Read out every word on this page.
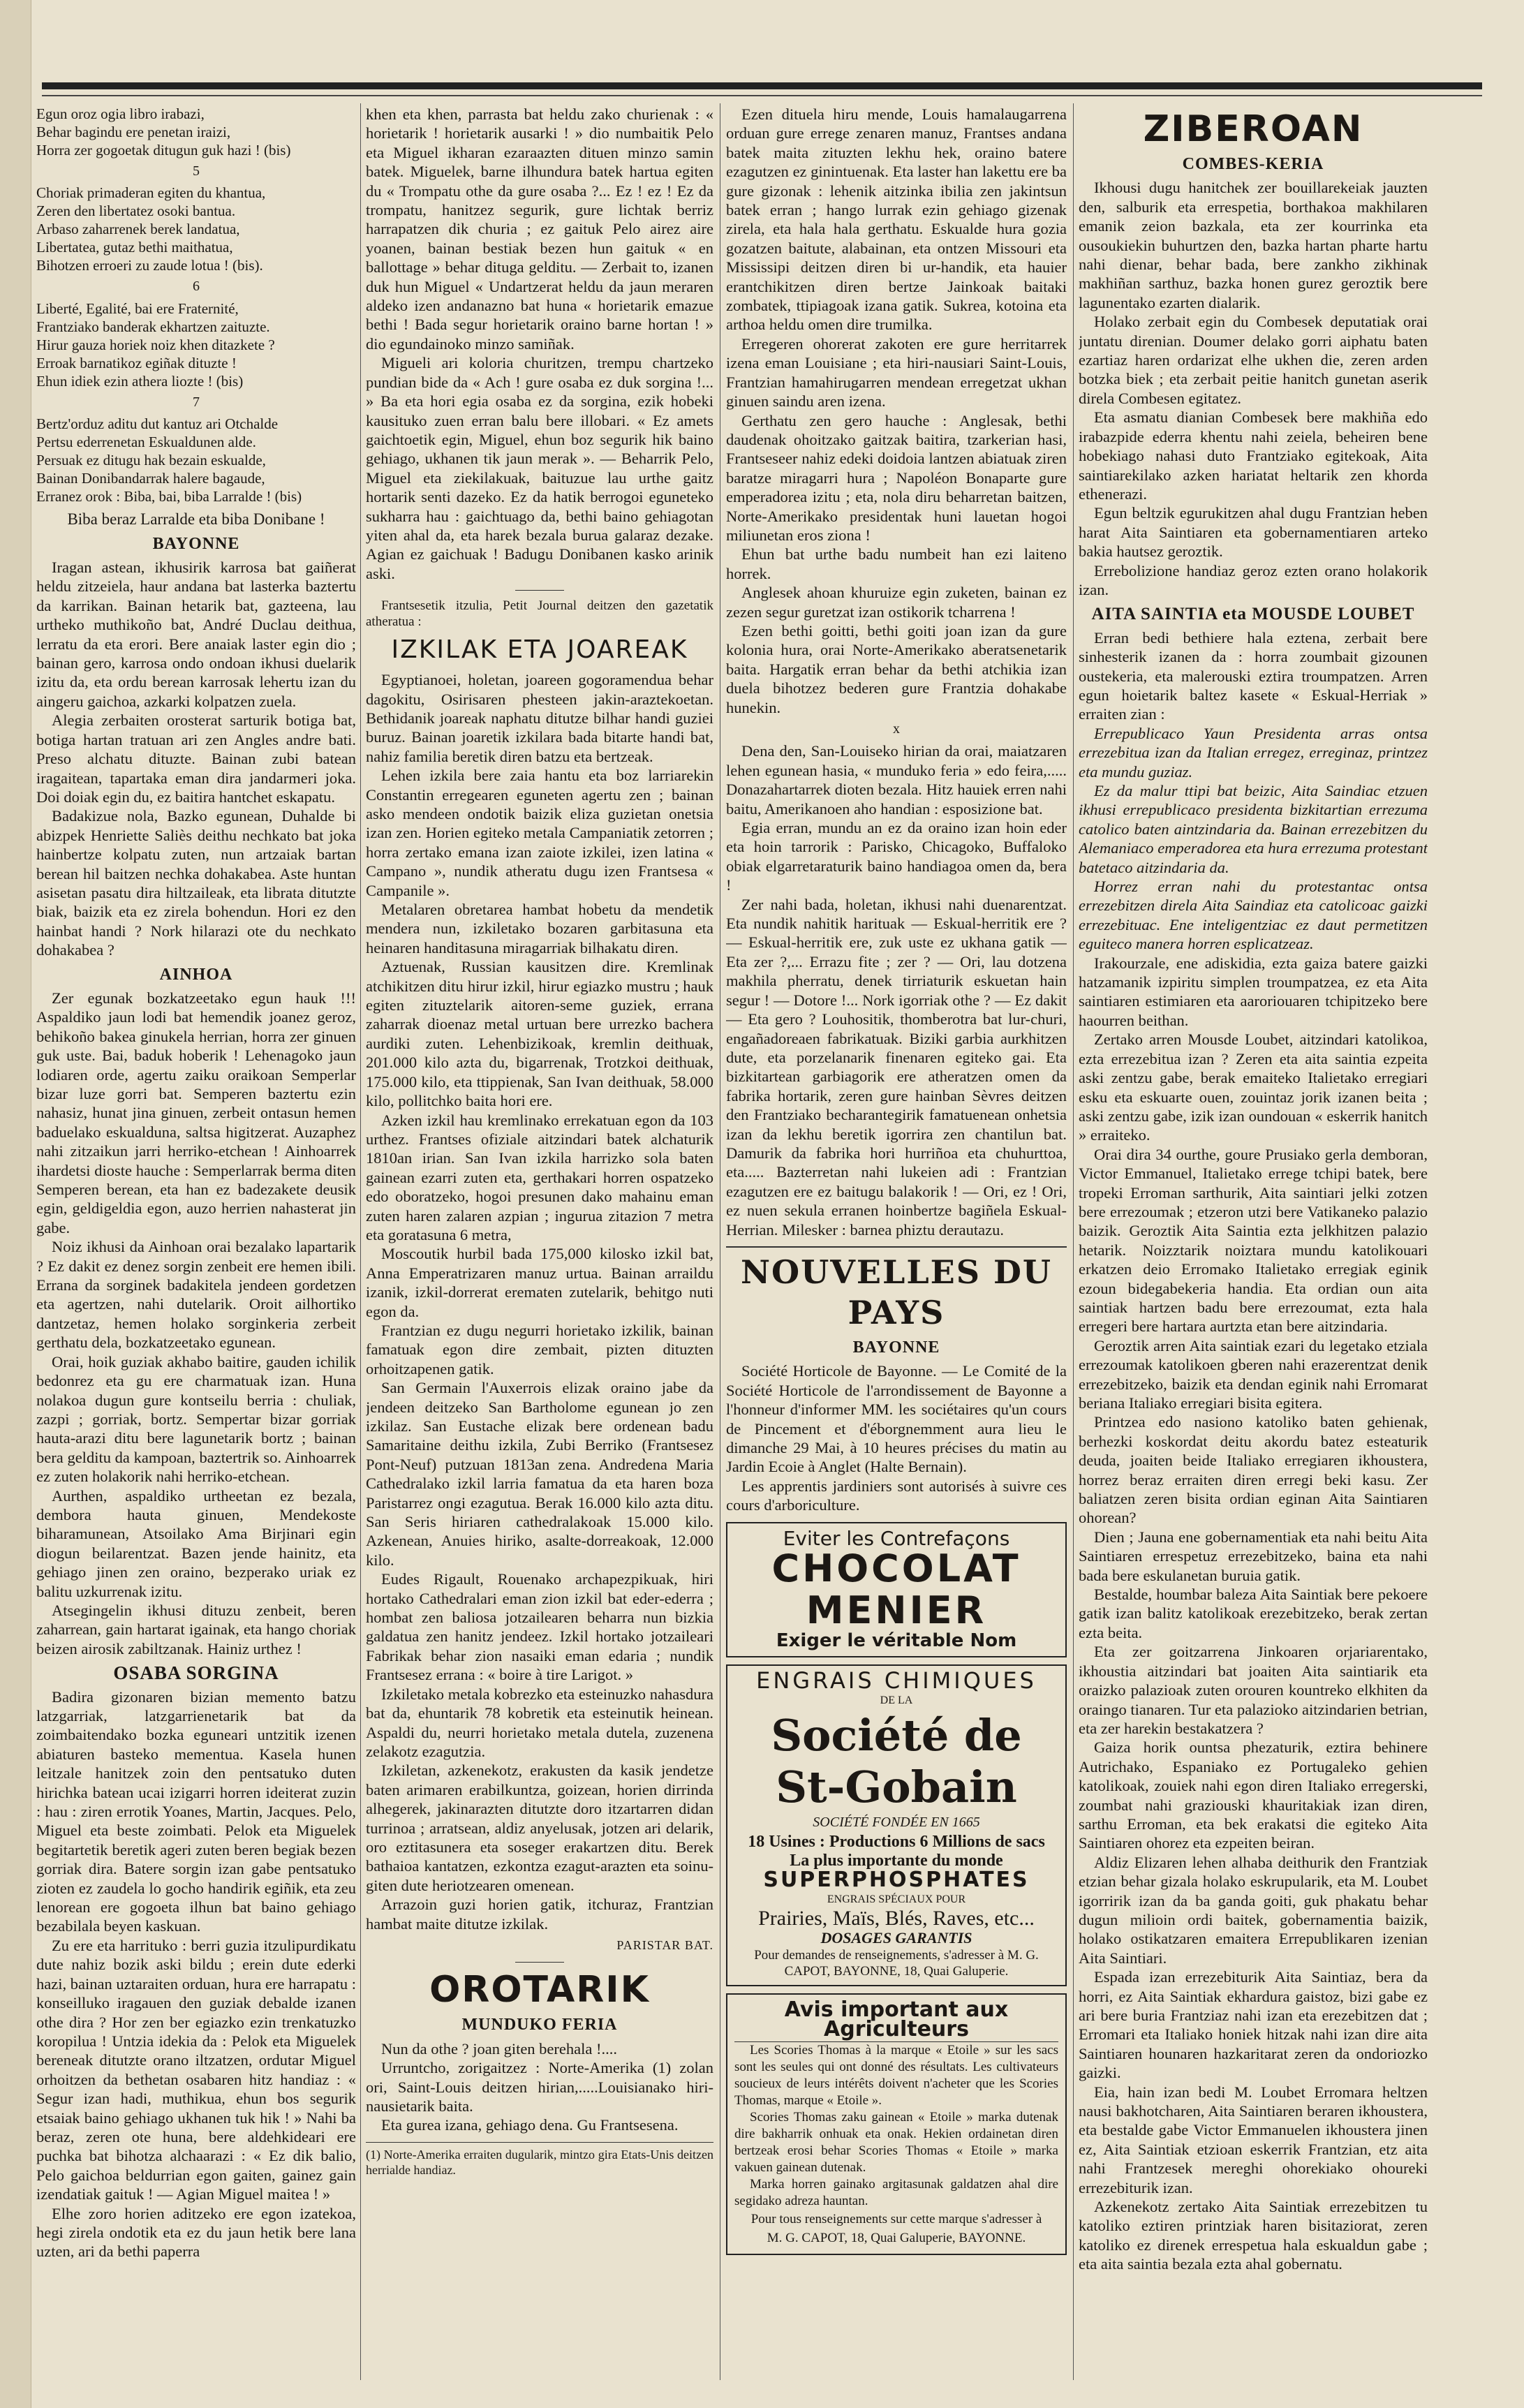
Egun oroz ogia libro irabazi,

Behar bagindu ere penetan iraizi,

Horra zer gogoetak ditugun guk hazi ! (bis)

5

Choriak primaderan egiten du khantua,

Zeren den libertatez osoki bantua.

Arbaso zaharrenek berek landatua,

Libertatea, gutaz bethi maithatua,

Bihotzen erroeri zu zaude lotua ! (bis).

6

Liberté, Egalité, bai ere Fraternité,

Frantziako banderak ekhartzen zaituzte.

Hirur gauza horiek noiz khen ditazkete ?

Erroak barnatikoz egiñak dituzte !

Ehun idiek ezin athera liozte ! (bis)

7

Bertz'orduz aditu dut kantuz ari Otchalde

Pertsu ederrenetan Eskualdunen alde.

Persuak ez ditugu hak bezain eskualde,

Bainan Donibandarrak halere bagaude,

Erranez orok : Biba, bai, biba Larralde ! (bis)

Biba beraz Larralde eta biba Donibane !

BAYONNE

Iragan astean, ikhusirik karrosa bat gaiñerat heldu zitzeiela, haur andana bat lasterka baztertu da karrikan. Bainan hetarik bat, gazteena, lau urtheko muthikoño bat, André Duclau deithua, lerratu da eta erori. Bere anaiak laster egin dio ; bainan gero, karrosa ondo ondoan ikhusi duelarik izitu da, eta ordu berean karrosak lehertu izan du aingeru gaichoa, azkarki kolpatzen zuela.

Alegia zerbaiten orosterat sarturik botiga bat, botiga hartan tratuan ari zen Angles andre bati. Preso alchatu dituzte. Bainan zubi batean iragaitean, tapartaka eman dira jandarmeri joka. Doi doiak egin du, ez baitira hantchet eskapatu.

Badakizue nola, Bazko egunean, Duhalde bi abizpek Henriette Saliès deithu nechkato bat joka hainbertze kolpatu zuten, nun artzaiak bartan berean hil baitzen nechka dohakabea. Aste huntan asisetan pasatu dira hiltzaileak, eta librata ditutzte biak, baizik eta ez zirela bohendun. Hori ez den hainbat handi ? Nork hilarazi ote du nechkato dohakabea ?

AINHOA

Zer egunak bozkatzeetako egun hauk !!! Aspaldiko jaun lodi bat hemendik joanez geroz, behikoño bakea ginukela herrian, horra zer ginuen guk uste. Bai, baduk hoberik ! Lehenagoko jaun lodiaren orde, agertu zaiku oraikoan Semperlar bizar luze gorri bat. Semperen baztertu ezin nahasiz, hunat jina ginuen, zerbeit ontasun hemen baduelako eskualduna, saltsa higitzerat. Auzaphez nahi zitzaikun jarri herriko-etchean ! Ainhoarrek ihardetsi dioste hauche : Semperlarrak berma diten Semperen berean, eta han ez badezakete deusik egin, geldigeldia egon, auzo herrien nahasterat jin gabe.

Noiz ikhusi da Ainhoan orai bezalako lapartarik ? Ez dakit ez denez sorgin zenbeit ere hemen ibili. Errana da sorginek badakitela jendeen gordetzen eta agertzen, nahi dutelarik. Oroit ailhortiko dantzetaz, hemen holako sorginkeria zerbeit gerthatu dela, bozkatzeetako egunean.

Orai, hoik guziak akhabo baitire, gauden ichilik bedonrez eta gu ere charmatuak izan. Huna nolakoa dugun gure kontseilu berria : chuliak, zazpi ; gorriak, bortz. Sempertar bizar gorriak hauta-arazi ditu bere lagunetarik bortz ; bainan bera gelditu da kampoan, baztertrik so. Ainhoarrek ez zuten holakorik nahi herriko-etchean.

Aurthen, aspaldiko urtheetan ez bezala, dembora hauta ginuen, Mendekoste biharamunean, Atsoilako Ama Birjinari egin diogun beilarentzat. Bazen jende hainitz, eta gehiago jinen zen oraino, bezperako uriak ez balitu uzkurrenak izitu.

Atsegingelin ikhusi dituzu zenbeit, beren zaharrean, gain hartarat igainak, eta hango choriak beizen airosik zabiltzanak. Hainiz urthez !

OSABA SORGINA

Badira gizonaren bizian memento batzu latzgarriak, latzgarrienetarik bat da zoimbaitendako bozka eguneari untzitik izenen abiaturen basteko mementua. Kasela hunen leitzale hanitzek zoin den pentsatuko duten hirichka batean ucai izigarri horren ideiterat zuzin : hau : ziren errotik Yoanes, Martin, Jacques. Pelo, Miguel eta beste zoimbati. Pelok eta Miguelek begitartetik beretik ageri zuten beren begiak bezen gorriak dira. Batere sorgin izan gabe pentsatuko zioten ez zaudela lo gocho handirik egiñik, eta zeu lenorean ere gogoeta ilhun bat baino gehiago bezabilala beyen kaskuan.

Zu ere eta harrituko : berri guzia itzulipurdikatu dute nahiz bozik aski bildu ; erein dute ederki hazi, bainan uztaraiten orduan, hura ere harrapatu : konseilluko iragauen den guziak debalde izanen othe dira ? Hor zen ber egiazko ezin trenkatuzko koropilua ! Untzia idekia da : Pelok eta Miguelek bereneak ditutzte orano iltzatzen, ordutar Miguel orhoitzen da bethetan osabaren hitz handiaz : « Segur izan hadi, muthikua, ehun bos segurik etsaiak baino gehiago ukhanen tuk hik ! » Nahi ba beraz, zeren ote huna, bere aldehkideari ere puchka bat bihotza alchaarazi : « Ez dik balio, Pelo gaichoa beldurrian egon gaiten, gainez gain izendatiak gaituk ! — Agian Miguel maitea ! »

Elhe zoro horien aditzeko ere egon izatekoa, hegi zirela ondotik eta ez du jaun hetik bere lana uzten, ari da bethi paperra

khen eta khen, parrasta bat heldu zako churienak : « horietarik ! horietarik ausarki ! » dio numbaitik Pelo eta Miguel ikharan ezaraazten dituen minzo samin batek. Miguelek, barne ilhundura batek hartua egiten du « Trompatu othe da gure osaba ?... Ez ! ez ! Ez da trompatu, hanitzez segurik, gure lichtak berriz harrapatzen dik churia ; ez gaituk Pelo airez aire yoanen, bainan bestiak bezen hun gaituk « en ballottage » behar dituga gelditu. — Zerbait to, izanen duk hun Miguel « Undartzerat heldu da jaun meraren aldeko izen andanazno bat huna « horietarik emazue bethi ! Bada segur horietarik oraino barne hortan ! » dio egundainoko minzo samiñak.

Migueli ari koloria churitzen, trempu chartzeko pundian bide da « Ach ! gure osaba ez duk sorgina !... » Ba eta hori egia osaba ez da sorgina, ezik hobeki kausituko zuen erran balu bere illobari. « Ez amets gaichtoetik egin, Miguel, ehun boz segurik hik baino gehiago, ukhanen tik jaun merak ». — Beharrik Pelo, Miguel eta ziekilakuak, baituzue lau urthe gaitz hortarik senti dazeko. Ez da hatik berrogoi eguneteko sukharra hau : gaichtuago da, bethi baino gehiagotan yiten ahal da, eta harek bezala burua galaraz dezake. Agian ez gaichuak ! Badugu Donibanen kasko arinik aski.

Frantsesetik itzulia, Petit Journal deitzen den gazetatik atheratua :

IZKILAK ETA JOAREAK

Egyptianoei, holetan, joareen gogoramendua behar dagokitu, Osirisaren phesteen jakin-araztekoetan. Bethidanik joareak naphatu ditutze bilhar handi guziei buruz. Bainan joaretik izkilara bada bitarte handi bat, nahiz familia beretik diren batzu eta bertzeak.

Lehen izkila bere zaia hantu eta boz larriarekin Constantin erregearen eguneten agertu zen ; bainan asko mendeen ondotik baizik eliza guzietan onetsia izan zen. Horien egiteko metala Campaniatik zetorren ; horra zertako emana izan zaiote izkilei, izen latina « Campano », nundik atheratu dugu izen Frantsesa « Campanile ».

Metalaren obretarea hambat hobetu da mendetik mendera nun, izkiletako bozaren garbitasuna eta heinaren handitasuna miragarriak bilhakatu diren.

Aztuenak, Russian kausitzen dire. Kremlinak atchikitzen ditu hirur izkil, hirur egiazko mustru ; hauk egiten zituztelarik aitoren-seme guziek, errana zaharrak dioenaz metal urtuan bere urrezko bachera aurdiki zuten. Lehenbizikoak, kremlin deithuak, 201.000 kilo azta du, bigarrenak, Trotzkoi deithuak, 175.000 kilo, eta ttippienak, San Ivan deithuak, 58.000 kilo, pollitchko baita hori ere.

Azken izkil hau kremlinako errekatuan egon da 103 urthez. Frantses ofiziale aitzindari batek alchaturik 1810an irian. San Ivan izkila harrizko sola baten gainean ezarri zuten eta, gerthakari horren ospatzeko edo oboratzeko, hogoi presunen dako mahainu eman zuten haren zalaren azpian ; ingurua zitazion 7 metra eta goratasuna 6 metra,

Moscoutik hurbil bada 175,000 kilosko izkil bat, Anna Emperatrizaren manuz urtua. Bainan arraildu izanik, izkil-dorrerat erematen zutelarik, behitgo nuti egon da.

Frantzian ez dugu negurri horietako izkilik, bainan famatuak egon dire zembait, pizten dituzten orhoitzapenen gatik.

San Germain l'Auxerrois elizak oraino jabe da jendeen deitzeko San Bartholome egunean jo zen izkilaz. San Eustache elizak bere ordenean badu Samaritaine deithu izkila, Zubi Berriko (Frantsesez Pont-Neuf) putzuan 1813an zena. Andredena Maria Cathedralako izkil larria famatua da eta haren boza Paristarrez ongi ezagutua. Berak 16.000 kilo azta ditu. San Seris hiriaren cathedralakoak 15.000 kilo. Azkenean, Anuies hiriko, asalte-dorreakoak, 12.000 kilo.

Eudes Rigault, Rouenako archapezpikuak, hiri hortako Cathedralari eman zion izkil bat eder-ederra ; hombat zen baliosa jotzailearen beharra nun bizkia galdatua zen hanitz jendeez. Izkil hortako jotzaileari Fabrikak behar zion nasaiki eman edaria ; nundik Frantsesez errana : « boire à tire Larigot. »

Izkiletako metala kobrezko eta esteinuzko nahasdura bat da, ehuntarik 78 kobretik eta esteinutik heinean. Aspaldi du, neurri horietako metala dutela, zuzenena zelakotz ezagutzia.

Izkiletan, azkenekotz, erakusten da kasik jendetze baten arimaren erabilkuntza, goizean, horien dirrinda alhegerek, jakinarazten ditutzte doro itzartarren didan turrinoa ; arratsean, aldiz anyelusak, jotzen ari delarik, oro eztitasunera eta soseger erakartzen ditu. Berek bathaioa kantatzen, ezkontza ezagut-arazten eta soinu-giten dute heriotzearen omenean.

Arrazoin guzi horien gatik, itchuraz, Frantzian hambat maite ditutze izkilak.

PARISTAR BAT.
OROTARIK
MUNDUKO FERIA

Nun da othe ? joan giten berehala !....

Urruntcho, zorigaitzez : Norte-Amerika (1) zolan ori, Saint-Louis deitzen hirian,.....Louisianako hiri-nausietarik baita.

Eta gurea izana, gehiago dena. Gu Frantsesena.

(1) Norte-Amerika erraiten dugularik, mintzo gira Etats-Unis deitzen herrialde handiaz.

Ezen dituela hiru mende, Louis hamalaugarrena orduan gure errege zenaren manuz, Frantses andana batek maita zituzten lekhu hek, oraino batere ezagutzen ez ginintuenak. Eta laster han lakettu ere ba gure gizonak : lehenik aitzinka ibilia zen jakintsun batek erran ; hango lurrak ezin gehiago gizenak zirela, eta hala hala gerthatu. Eskualde hura gozia gozatzen baitute, alabainan, eta ontzen Missouri eta Mississipi deitzen diren bi ur-handik, eta hauier erantchikitzen diren bertze Jainkoak baitaki zombatek, ttipiagoak izana gatik. Sukrea, kotoina eta arthoa heldu omen dire trumilka.

Erregeren ohorerat zakoten ere gure herritarrek izena eman Louisiane ; eta hiri-nausiari Saint-Louis, Frantzian hamahirugarren mendean erregetzat ukhan ginuen saindu aren izena.

Gerthatu zen gero hauche : Anglesak, bethi daudenak ohoitzako gaitzak baitira, tzarkerian hasi, Frantseseer nahiz edeki doidoia lantzen abiatuak ziren baratze miragarri hura ; Napoléon Bonaparte gure emperadorea izitu ; eta, nola diru beharretan baitzen, Norte-Amerikako presidentak huni lauetan hogoi miliunetan eros ziona !

Ehun bat urthe badu numbeit han ezi laiteno horrek.

Anglesek ahoan khuruize egin zuketen, bainan ez zezen segur guretzat izan ostikorik tcharrena !

Ezen bethi goitti, bethi goiti joan izan da gure kolonia hura, orai Norte-Amerikako aberatsenetarik baita. Hargatik erran behar da bethi atchikia izan duela bihotzez bederen gure Frantzia dohakabe hunekin.

x

Dena den, San-Louiseko hirian da orai, maiatzaren lehen egunean hasia, « munduko feria » edo feira,..... Donazahartarrek dioten bezala. Hitz hauiek erren nahi baitu, Amerikanoen aho handian : esposizione bat.

Egia erran, mundu an ez da oraino izan hoin eder eta hoin tarrorik : Parisko, Chicagoko, Buffaloko obiak elgarretaraturik baino handiagoa omen da, bera !

Zer nahi bada, holetan, ikhusi nahi duenarentzat. Eta nundik nahitik harituak — Eskual-herritik ere ? — Eskual-herritik ere, zuk uste ez ukhana gatik — Eta zer ?,... Errazu fite ; zer ? — Ori, lau dotzena makhila pherratu, denek tirriaturik eskuetan hain segur ! — Dotore !... Nork igorriak othe ? — Ez dakit — Eta gero ? Louhositik, thomberotra bat lur-churi, engañadoreaen fabrikatuak. Biziki garbia aurkhitzen dute, eta porzelanarik finenaren egiteko gai. Eta bizkitartean garbiagorik ere atheratzen omen da fabrika hortarik, zeren gure hainban Sèvres deitzen den Frantziako becharantegirik famatuenean onhetsia izan da lekhu beretik igorrira zen chantilun bat. Damurik da fabrika hori hurriñoa eta chuhurttoa, eta..... Bazterretan nahi lukeien adi : Frantzian ezagutzen ere ez baitugu balakorik ! — Ori, ez ! Ori, ez nuen sekula erranen hoinbertze bagiñela Eskual-Herrian. Milesker : barnea phiztu derautazu.

NOUVELLES DU PAYS
BAYONNE

Société Horticole de Bayonne. — Le Comité de la Société Horticole de l'arrondissement de Bayonne a l'honneur d'informer MM. les sociétaires qu'un cours de Pincement et d'éborgnemment aura lieu le dimanche 29 Mai, à 10 heures précises du matin au Jardin Ecoie à Anglet (Halte Bernain).

Les apprentis jardiniers sont autorisés à suivre ces cours d'arboriculture.

Eviter les Contrefaçons
CHOCOLAT
MENIER
Exiger le véritable Nom
ENGRAIS CHIMIQUES
DE LA
Société de St-Gobain
SOCIÉTÉ FONDÉE EN 1665
18 Usines : Productions 6 Millions de sacs
La plus importante du monde
SUPERPHOSPHATES
ENGRAIS SPÉCIAUX POUR
Prairies, Maïs, Blés, Raves, etc...
DOSAGES GARANTIS
Pour demandes de renseignements, s'adresser à M. G. CAPOT, BAYONNE, 18, Quai Galuperie.
Avis important aux Agriculteurs

Les Scories Thomas à la marque « Etoile » sur les sacs sont les seules qui ont donné des résultats. Les cultivateurs soucieux de leurs intérêts doivent n'acheter que les Scories Thomas, marque « Etoile ».

Scories Thomas zaku gainean « Etoile » marka dutenak dire bakharrik onhuak eta onak. Hekien ordainetan diren bertzeak erosi behar Scories Thomas « Etoile » marka vakuen gainean dutenak.

Marka horren gainako argitasunak galdatzen ahal dire segidako adreza hauntan.

Pour tous renseignements sur cette marque s'adresser à
M. G. CAPOT, 18, Quai Galuperie, BAYONNE.
ZIBEROAN
COMBES-KERIA

Ikhousi dugu hanitchek zer bouillarekeiak jauzten den, salburik eta errespetia, borthakoa makhilaren emanik zeion bazkala, eta zer kourrinka eta ousoukiekin buhurtzen den, bazka hartan pharte hartu nahi dienar, behar bada, bere zankho zikhinak makhiñan sarthuz, bazka honen gurez geroztik bere lagunentako ezarten dialarik.

Holako zerbait egin du Combesek deputatiak orai juntatu direnian. Doumer delako gorri aiphatu baten ezartiaz haren ordarizat elhe ukhen die, zeren arden botzka biek ; eta zerbait peitie hanitch gunetan aserik direla Combesen egitatez.

Eta asmatu dianian Combesek bere makhiña edo irabazpide ederra khentu nahi zeiela, beheiren bene hobekiago nahasi duto Frantziako egitekoak, Aita saintiarekilako azken hariatat heltarik zen khorda ethenerazi.

Egun beltzik egurukitzen ahal dugu Frantzian heben harat Aita Saintiaren eta gobernamentiaren arteko bakia hautsez geroztik.

Errebolizione handiaz geroz ezten orano holakorik izan.

AITA SAINTIA eta MOUSDE LOUBET

Erran bedi bethiere hala eztena, zerbait bere sinhesterik izanen da : horra zoumbait gizounen oustekeria, eta malerouski eztira troumpatzen. Arren egun hoietarik baltez kasete « Eskual-Herriak » erraiten zian :

Errepublicaco Yaun Presidenta arras ontsa errezebitua izan da Italian erregez, erreginaz, printzez eta mundu guziaz.

Ez da malur ttipi bat beizic, Aita Saindiac etzuen ikhusi errepublicaco presidenta bizkitartian errezuma catolico baten aintzindaria da. Bainan errezebitzen du Alemaniaco emperadorea eta hura errezuma protestant batetaco aitzindaria da.

Horrez erran nahi du protestantac ontsa errezebitzen direla Aita Saindiaz eta catolicoac gaizki errezebituac. Ene inteligentziac ez daut permetitzen eguiteco manera horren esplicatzeaz.

Irakourzale, ene adiskidia, ezta gaiza batere gaizki hatzamanik izpiritu simplen troumpatzea, ez eta Aita saintiaren estimiaren eta aaroriouaren tchipitzeko bere haourren beithan.

Zertako arren Mousde Loubet, aitzindari katolikoa, ezta errezebitua izan ? Zeren eta aita saintia ezpeita aski zentzu gabe, berak emaiteko Italietako erregiari esku eta eskuarte ouen, zouintaz jorik izanen beita ; aski zentzu gabe, izik izan oundouan « eskerrik hanitch » erraiteko.

Orai dira 34 ourthe, goure Prusiako gerla demboran, Victor Emmanuel, Italietako errege tchipi batek, bere tropeki Erroman sarthurik, Aita saintiari jelki zotzen bere errezoumak ; etzeron utzi bere Vatikaneko palazio baizik. Geroztik Aita Saintia ezta jelkhitzen palazio hetarik. Noizztarik noiztara mundu katolikouari erkatzen deio Erromako Italietako erregiak eginik ezoun bidegabekeria handia. Eta ordian oun aita saintiak hartzen badu bere errezoumat, ezta hala erregeri bere hartara aurtzta etan bere aitzindaria.

Geroztik arren Aita saintiak ezari du legetako etziala errezoumak katolikoen gberen nahi erazerentzat denik errezebitzeko, baizik eta dendan eginik nahi Erromarat beriana Italiako erregiari bisita egitera.

Printzea edo nasiono katoliko baten gehienak, berhezki koskordat deitu akordu batez esteaturik deuda, joaiten beide Italiako erregiaren ikhoustera, horrez beraz erraiten diren erregi beki kasu. Zer baliatzen zeren bisita ordian eginan Aita Saintiaren ohorean?

Dien ; Jauna ene gobernamentiak eta nahi beitu Aita Saintiaren errespetuz errezebitzeko, baina eta nahi bada bere eskulanetan buruia gatik.

Bestalde, houmbar baleza Aita Saintiak bere pekoere gatik izan balitz katolikoak erezebitzeko, berak zertan ezta beita.

Eta zer goitzarrena Jinkoaren orjariarentako, ikhoustia aitzindari bat joaiten Aita saintiarik eta oraizko palazioak zuten orouren kountreko elkhiten da oraingo tianaren. Tur eta palazioko aitzindarien betrian, eta zer harekin bestakatzera ?

Gaiza horik ountsa phezaturik, eztira behinere Autrichako, Espaniako ez Portugaleko gehien katolikoak, zouiek nahi egon diren Italiako erregerski, zoumbat nahi graziouski khauritakiak izan diren, sarthu Erroman, eta bek erakatsi die egiteko Aita Saintiaren ohorez eta ezpeiten beiran.

Aldiz Elizaren lehen alhaba deithurik den Frantziak etzian behar gizala holako eskrupularik, eta M. Loubet igorririk izan da ba ganda goiti, guk phakatu behar dugun milioin ordi baitek, gobernamentia baizik, holako ostikatzaren emaitera Errepublikaren izenian Aita Saintiari.

Espada izan errezebiturik Aita Saintiaz, bera da horri, ez Aita Saintiak ekhardura gaistoz, bizi gabe ez ari bere buria Frantziaz nahi izan eta erezebitzen dat ; Erromari eta Italiako honiek hitzak nahi izan dire aita Saintiaren hounaren hazkaritarat zeren da ondoriozko gaizki.

Eia, hain izan bedi M. Loubet Erromara heltzen nausi bakhotcharen, Aita Saintiaren beraren ikhoustera, eta bestalde gabe Victor Emmanuelen ikhoustera jinen ez, Aita Saintiak etzioan eskerrik Frantzian, etz aita nahi Frantzesek mereghi ohorekiako ohoureki errezebiturik izan.

Azkenekotz zertako Aita Saintiak errezebitzen tu katoliko eztiren printziak haren bisitaziorat, zeren katoliko ez direnek errespetua hala eskualdun gabe ; eta aita saintia bezala ezta ahal gobernatu.
